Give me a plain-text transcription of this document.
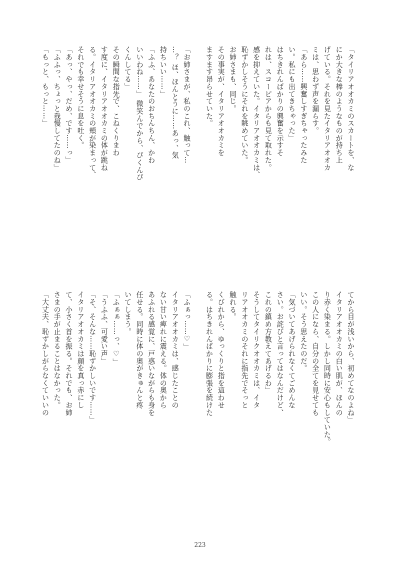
「タイリアオオカミのスカートを、な
にか大きな棒のようなものが持ち上
げている。それを見たイタリアオオカ
ミは、思わず声を漏らす。
「あら……興奮しすぎちゃったみた
い。私にも出てきちゃった」
はちきれんばかりの興奮を示すそ
れは、スコーピアからも見て取れた。
感を抑えていた。イタリアオオカミは、
恥ずかしそうにそれを眺めていた。
お姉さまも、同じ。
その事実が、イタリアオオカミを
ますます昂らせていた。

「お姉さまが、私のこれ、触って…
…？ ほ、ほんとうに……あっ、気
持ちいい……」
「ふふ、あなたのおちんちん、かわ
いいわね……」 微笑んでから、ぴくんぴ
くんしてる」
その瞬間な指先で、こねくりまわ
す度に、イタリアオオカミの体が跳ね
る。イタリアオオカミの頬が染まって、
それでも幸せそうに息を吐く。
「あっ、やっ、だめ、です……っ」
「ふふっ、ちょっと我慢してたのね」
「もっと、もっと……」

てから目が浅いから、初めてなのよね」
イタリアオオカミの白い肌が、ほんの
り赤く染まる。しかし同時に安心もしていた。
この人になら、自分の全てを見せても
いい。そう思えたのだ。
「気づいてあげられなくてごめんな
さい。お詫びと言ってはなんだけど、
これの鎮め方教えてあげるわ」
そうしてタイリクオオカミは、イタ
リアオオカミのそれに指先でそっと
触れる。
くびれから、ゆっくりと指を這わせ
る。はちきれんばかりに膨張を続けた

「ふぁっ……♡」
イタリアオオカミは、感じたことの
ない甘い痺れに震える。体の奥から
あふれる感覚に、戸惑いながらも身を
任せる。同時に体の奥がきゅんと疼
いてしまう。
「ふぁぁ……っ、♡」
「うふふ、可愛い声」
「そ、そんな……恥ずかしいです……」
イタリアオオカミは顔を真っ赤にし
て、小さく首を振る。それでも、お姉
さまの手が止まることはなかった。
「大丈夫、恥ずかしがらなくていいの

223
